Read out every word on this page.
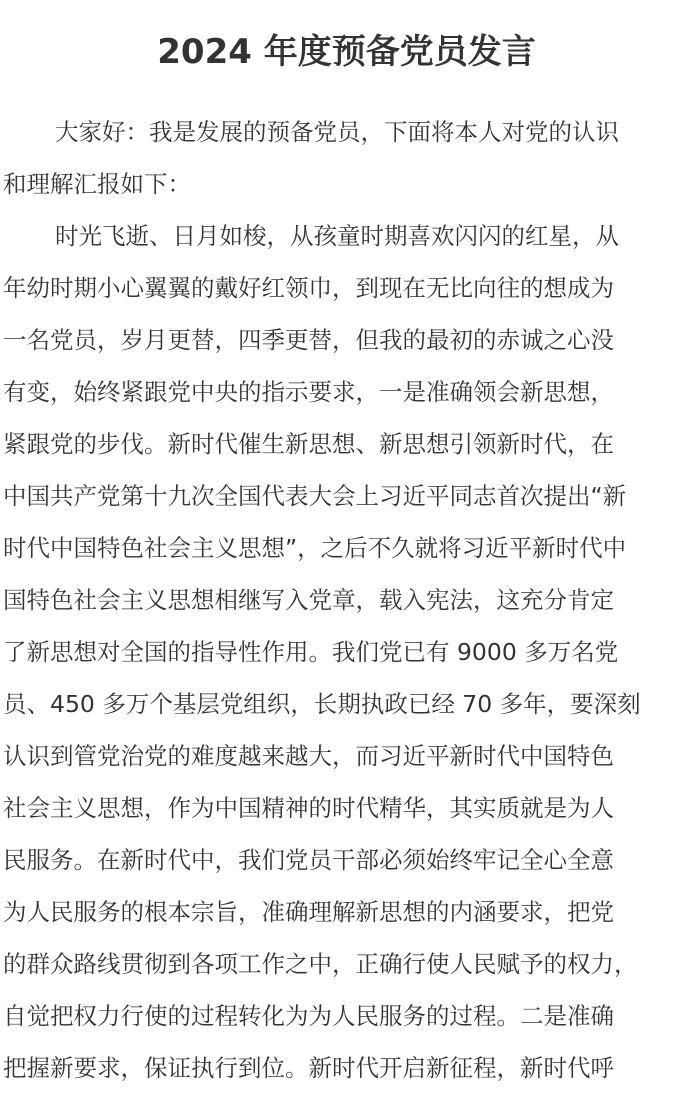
2024 年度预备党员发言
大家好：我是发展的预备党员，下面将本人对党的认识
和理解汇报如下：
时光飞逝、日月如梭，从孩童时期喜欢闪闪的红星，从
年幼时期小心翼翼的戴好红领巾，到现在无比向往的想成为
一名党员，岁月更替，四季更替，但我的最初的赤诚之心没
有变，始终紧跟党中央的指示要求，一是准确领会新思想，
紧跟党的步伐。新时代催生新思想、新思想引领新时代，在
中国共产党第十九次全国代表大会上习近平同志首次提出“新
时代中国特色社会主义思想”，之后不久就将习近平新时代中
国特色社会主义思想相继写入党章，载入宪法，这充分肯定
了新思想对全国的指导性作用。我们党已有 9000 多万名党
员、450 多万个基层党组织，长期执政已经 70 多年，要深刻
认识到管党治党的难度越来越大，而习近平新时代中国特色
社会主义思想，作为中国精神的时代精华，其实质就是为人
民服务。在新时代中，我们党员干部必须始终牢记全心全意
为人民服务的根本宗旨，准确理解新思想的内涵要求，把党
的群众路线贯彻到各项工作之中，正确行使人民赋予的权力，
自觉把权力行使的过程转化为为人民服务的过程。二是准确
把握新要求，保证执行到位。新时代开启新征程，新时代呼
